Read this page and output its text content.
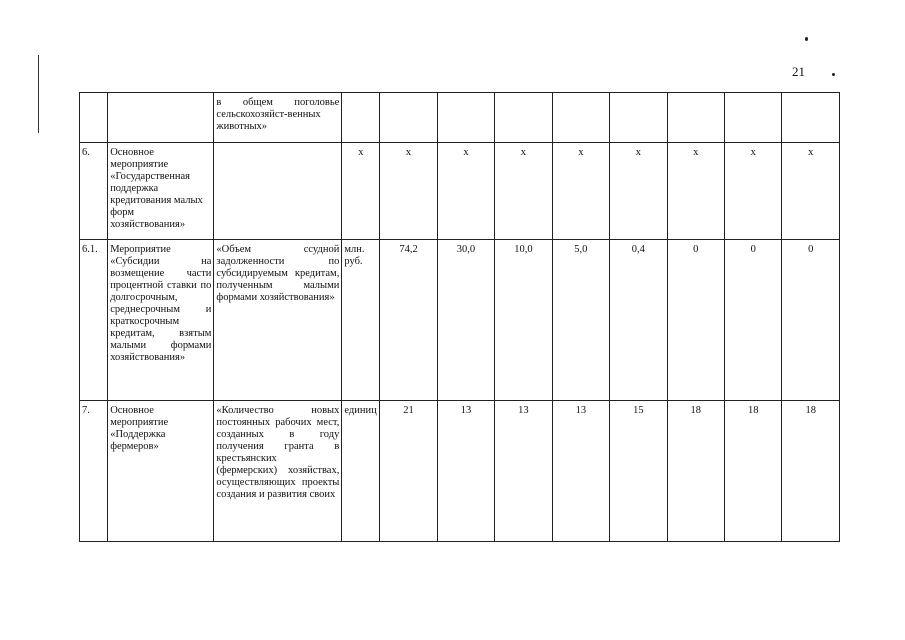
21
		в общем поголовье сельскохозяйст-венных животных»									
6.	Основное мероприятие «Государственная поддержка кредитования малых форм хозяйствования»		х	х	х	х	х	х	х	х	х
6.1.	Мероприятие «Субсидии на возмещение части процентной ставки по долгосрочным, среднесрочным и краткосрочным кредитам, взятым малыми формами хозяйствования»	«Объем ссудной задолженности по субсидируемым кредитам, полученным малыми формами хозяйствования»	млн. руб.	74,2	30,0	10,0	5,0	0,4	0	0	0
7.	Основное мероприятие «Поддержка фермеров»	«Количество новых постоянных рабочих мест, созданных в году получения гранта в крестьянских (фермерских) хозяйствах, осуществляющих проекты создания и развития своих	единиц	21	13	13	13	15	18	18	18
